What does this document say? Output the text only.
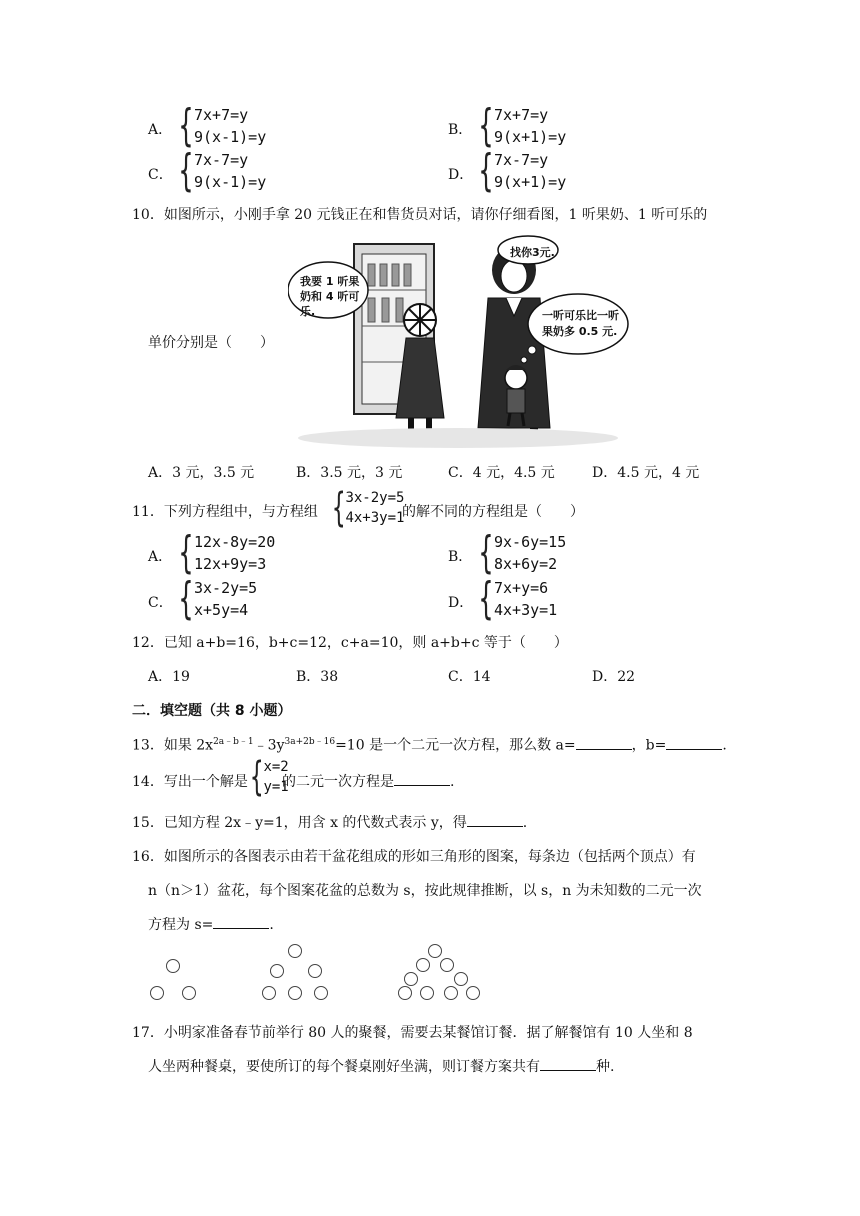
A． { 7x+7=y
9(x-1)=y	B． { 7x+7=y
9(x+1)=y
C． { 7x-7=y
9(x-1)=y	D． { 7x-7=y
9(x+1)=y
10．如图所示，小刚手拿 20 元钱正在和售货员对话，请你仔细看图，1 听果奶、1 听可乐的
单价分别是（　　）
我要 1 听果奶和 4 听可乐.
找你3元.
一听可乐比一听果奶多 0.5 元.
A．3 元，3.5 元	B．3.5 元，3 元	C．4 元，4.5 元	D．4.5 元，4 元
11．下列方程组中，与方程组 { 3x-2y=5
4x+3y=1
的解不同的方程组是（　　）
A． { 12x-8y=20
12x+9y=3	B． { 9x-6y=15
8x+6y=2
C． { 3x-2y=5
x+5y=4	D． { 7x+y=6
4x+3y=1
12．已知 a+b=16，b+c=12，c+a=10，则 a+b+c 等于（　　）
A．19	B．38	C．14	D．22
二．填空题（共 8 小题）
13．如果 $2x^{2a﹣b﹣1}﹣3y^{3a+2b﹣16}=10$ 是一个二元一次方程，那么数 a=	，b=	.
14．写出一个解是 { x=2
y=1
的二元一次方程是	.
15．已知方程 2x﹣y=1，用含 x 的代数式表示 y，得	.
16．如图所示的各图表示由若干盆花组成的形如三角形的图案，每条边（包括两个顶点）有
n（n＞1）盆花，每个图案花盆的总数为 s，按此规律推断，以 s，n 为未知数的二元一次
方程为 s=	.
17．小明家准备春节前举行 80 人的聚餐，需要去某餐馆订餐．据了解餐馆有 10 人坐和 8
人坐两种餐桌，要使所订的每个餐桌刚好坐满，则订餐方案共有	种.
